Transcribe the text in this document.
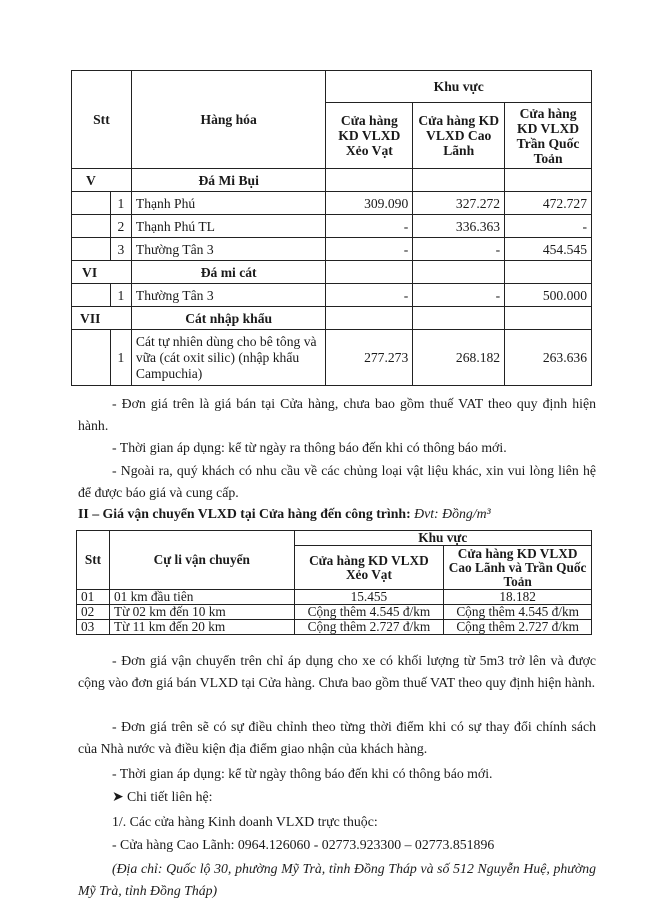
Stt		Hàng hóa	Khu vực		
			Cửa hàng KD VLXD Xẻo Vạt	Cửa hàng KD VLXD Cao Lãnh	Cửa hàng KD VLXD Trần Quốc Toản
V		Đá Mi Bụi			
	1	Thạnh Phú	309.090	327.272	472.727
	2	Thạnh Phú TL	-	336.363	-
	3	Thường Tân 3	-	-	454.545
VI		Đá mi cát			
	1	Thường Tân 3	-	-	500.000
VII		Cát nhập khẩu			
	1	Cát tự nhiên dùng cho bê tông và vữa (cát oxit silic) (nhập khẩu Campuchia)	277.273	268.182	263.636

- Đơn giá trên là giá bán tại Cửa hàng, chưa bao gồm thuế VAT theo quy định hiện hành.

- Thời gian áp dụng: kể từ ngày ra thông báo đến khi có thông báo mới.

- Ngoài ra, quý khách có nhu cầu về các chủng loại vật liệu khác, xin vui lòng liên hệ để được báo giá và cung cấp.

II – Giá vận chuyển VLXD tại Cửa hàng đến công trình: Đvt: Đồng/m³

Stt	Cự li vận chuyển	Khu vực	
		Cửa hàng KD VLXD Xẻo Vạt	Cửa hàng KD VLXD Cao Lãnh và Trần Quốc Toản
01	01 km đầu tiên	15.455	18.182
02	Từ 02 km đến 10 km	Cộng thêm 4.545 đ/km	Cộng thêm 4.545 đ/km
03	Từ 11 km đến 20 km	Cộng thêm 2.727 đ/km	Cộng thêm 2.727 đ/km

- Đơn giá vận chuyển trên chỉ áp dụng cho xe có khối lượng từ 5m3 trở lên và được cộng vào đơn giá bán VLXD tại Cửa hàng. Chưa bao gồm thuế VAT theo quy định hiện hành.

- Đơn giá trên sẽ có sự điều chỉnh theo từng thời điểm khi có sự thay đổi chính sách của Nhà nước và điều kiện địa điểm giao nhận của khách hàng.

- Thời gian áp dụng: kể từ ngày thông báo đến khi có thông báo mới.

➤ Chi tiết liên hệ:

1/. Các cửa hàng Kinh doanh VLXD trực thuộc:

- Cửa hàng Cao Lãnh: 0964.126060 - 02773.923300 – 02773.851896

(Địa chỉ: Quốc lộ 30, phường Mỹ Trà, tỉnh Đồng Tháp và số 512 Nguyễn Huệ, phường Mỹ Trà, tỉnh Đồng Tháp)
